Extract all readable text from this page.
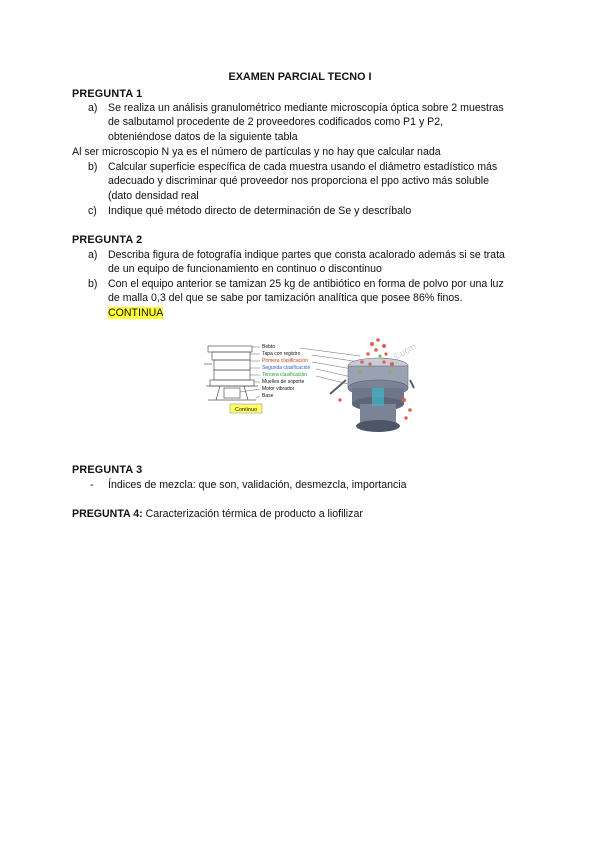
EXAMEN PARCIAL TECNO I
PREGUNTA 1
a) Se realiza un análisis granulométrico mediante microscopía óptica sobre 2 muestras
de salbutamol procedente de 2 proveedores codificados como P1 y P2,
obteniéndose datos de la siguiente tabla
Al ser microscopio N ya es el número de partículas y no hay que calcular nada
b) Calcular superficie específica de cada muestra usando el diámetro estadístico más
adecuado y discriminar qué proveedor nos proporciona el ppo activo más soluble
(dato densidad real
c) Indique qué método directo de determinación de Se y descríbalo
PREGUNTA 2
a) Describa figura de fotografía indique partes que consta acalorado además si se trata
de un equipo de funcionamiento en continuo o discontinuo
b) Con el equipo anterior se tamizan 25 kg de antibiótico en forma de polvo por una luz
de malla 0,3 del que se sabe por tamización analítica que posee 86% finos.
CONTINUA
Continuo
Bebto
Tapa con registro
Primera clasificación
Segunda clasificación
Tercera clasificación
Muelles de soporte
Motor vibrador
Base
©ucm
PREGUNTA 3
- Índices de mezcla: que son, validación, desmezcla, importancia
PREGUNTA 4: Caracterización térmica de producto a liofilizar
